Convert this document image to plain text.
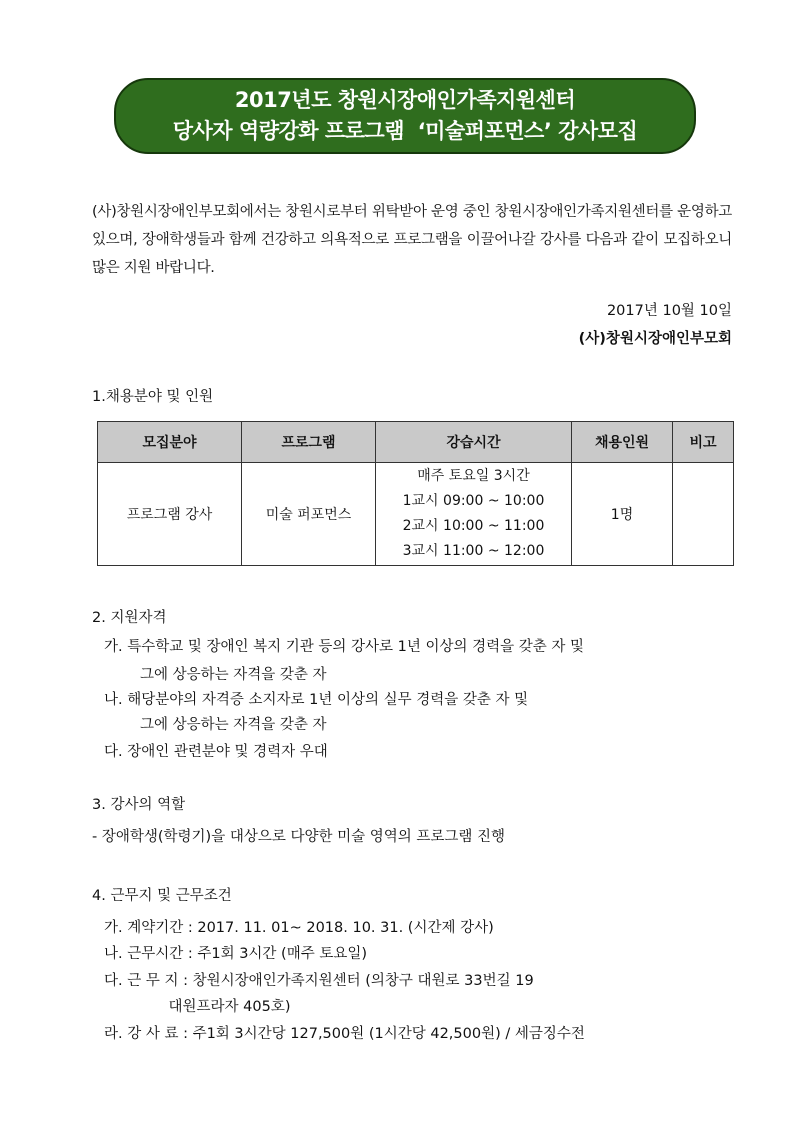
2017년도 창원시장애인가족지원센터
당사자 역량강화 프로그램  ‘미술퍼포먼스’ 강사모집
(사)창원시장애인부모회에서는 창원시로부터 위탁받아 운영 중인 창원시장애인가족지원센터를 운영하고 있으며, 장애학생들과 함께 건강하고 의욕적으로 프로그램을 이끌어나갈 강사를 다음과 같이 모집하오니 많은 지원 바랍니다.
2017년 10월 10일
(사)창원시장애인부모회
1.채용분야 및 인원
모집분야	프로그램	강습시간	채용인원	비고
프로그램 강사	미술 퍼포먼스	매주 토요일 3시간
1교시 09:00 ~ 10:00
2교시 10:00 ~ 11:00
3교시 11:00 ~ 12:00	1명	
2. 지원자격
가. 특수학교 및 장애인 복지 기관 등의 강사로 1년 이상의 경력을 갖춘 자 및
그에 상응하는 자격을 갖춘 자
나. 해당분야의 자격증 소지자로 1년 이상의 실무 경력을 갖춘 자 및
그에 상응하는 자격을 갖춘 자
다. 장애인 관련분야 및 경력자 우대
3. 강사의 역할
- 장애학생(학령기)을 대상으로 다양한 미술 영역의 프로그램 진행
4. 근무지 및 근무조건
가. 계약기간 : 2017. 11. 01~ 2018. 10. 31. (시간제 강사)
나. 근무시간 : 주1회 3시간 (매주 토요일)
다. 근 무 지 : 창원시장애인가족지원센터 (의창구 대원로 33번길 19
대원프라자 405호)
라. 강 사 료 : 주1회 3시간당 127,500원 (1시간당 42,500원) / 세금징수전
